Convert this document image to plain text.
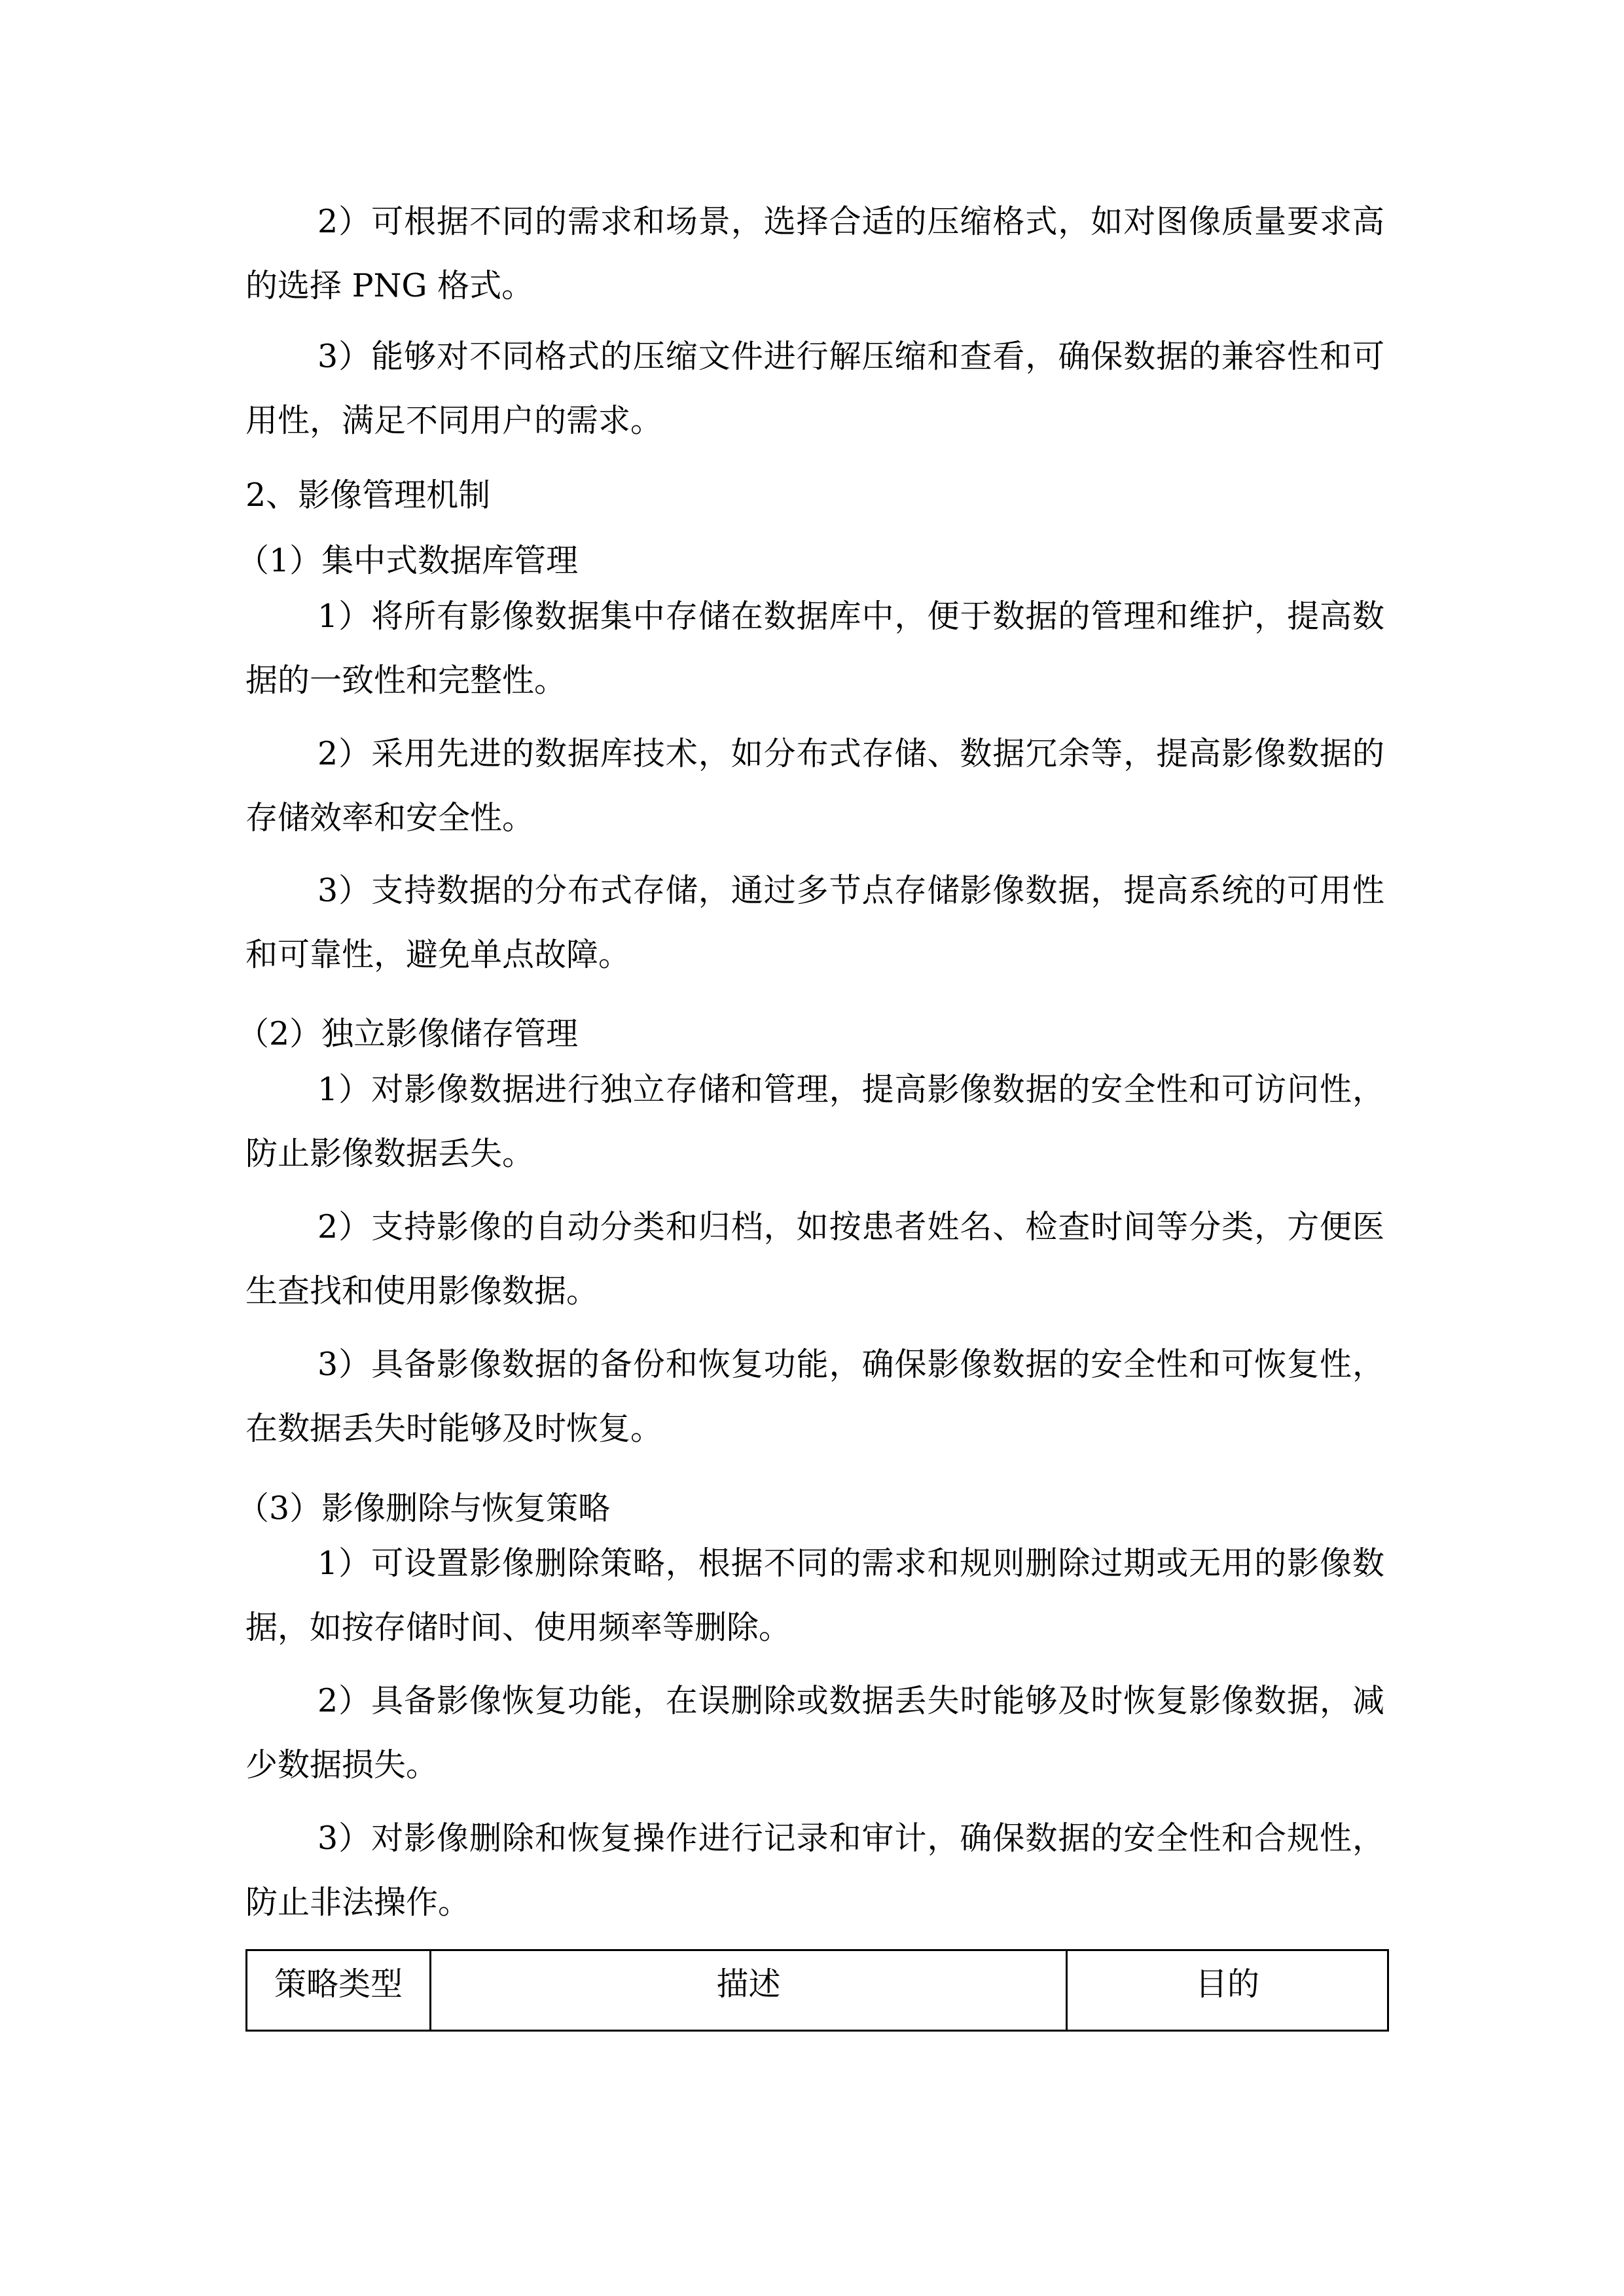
2）可根据不同的需求和场景，选择合适的压缩格式，如对图像质量要求高的选择 PNG 格式。

3）能够对不同格式的压缩文件进行解压缩和查看，确保数据的兼容性和可用性，满足不同用户的需求。

2、影像管理机制

（1）集中式数据库管理

1）将所有影像数据集中存储在数据库中，便于数据的管理和维护，提高数据的一致性和完整性。

2）采用先进的数据库技术，如分布式存储、数据冗余等，提高影像数据的存储效率和安全性。

3）支持数据的分布式存储，通过多节点存储影像数据，提高系统的可用性和可靠性，避免单点故障。

（2）独立影像储存管理

1）对影像数据进行独立存储和管理，提高影像数据的安全性和可访问性，防止影像数据丢失。

2）支持影像的自动分类和归档，如按患者姓名、检查时间等分类，方便医生查找和使用影像数据。

3）具备影像数据的备份和恢复功能，确保影像数据的安全性和可恢复性，在数据丢失时能够及时恢复。

（3）影像删除与恢复策略

1）可设置影像删除策略，根据不同的需求和规则删除过期或无用的影像数据，如按存储时间、使用频率等删除。

2）具备影像恢复功能，在误删除或数据丢失时能够及时恢复影像数据，减少数据损失。

3）对影像删除和恢复操作进行记录和审计，确保数据的安全性和合规性，防止非法操作。

策略类型	描述	目的
